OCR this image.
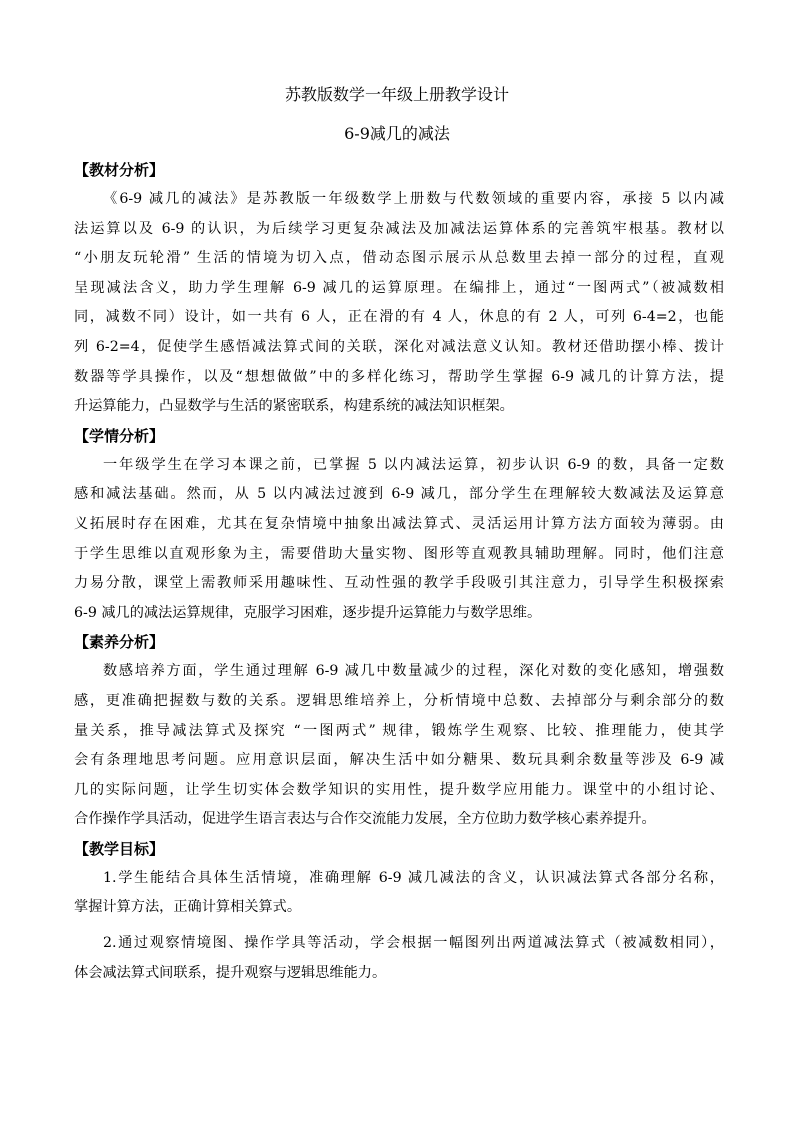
苏教版数学一年级上册教学设计
6-9减几的减法
【教材分析】

《6-9 减几的减法》是苏教版一年级数学上册数与代数领域的重要内容，承接 5 以内减
法运算以及 6-9 的认识，为后续学习更复杂减法及加减法运算体系的完善筑牢根基。教材以
“小朋友玩轮滑” 生活的情境为切入点，借动态图示展示从总数里去掉一部分的过程，直观
呈现减法含义，助力学生理解 6-9 减几的运算原理。在编排上，通过“一图两式”（被减数相
同，减数不同）设计，如一共有 6 人，正在滑的有 4 人，休息的有 2 人，可列 6-4=2，也能
列 6-2=4，促使学生感悟减法算式间的关联，深化对减法意义认知。教材还借助摆小棒、拨计
数器等学具操作，以及“想想做做”中的多样化练习，帮助学生掌握 6-9 减几的计算方法，提
升运算能力，凸显数学与生活的紧密联系，构建系统的减法知识框架。

【学情分析】

一年级学生在学习本课之前，已掌握 5 以内减法运算，初步认识 6-9 的数，具备一定数
感和减法基础。然而，从 5 以内减法过渡到 6-9 减几，部分学生在理解较大数减法及运算意
义拓展时存在困难，尤其在复杂情境中抽象出减法算式、灵活运用计算方法方面较为薄弱。由
于学生思维以直观形象为主，需要借助大量实物、图形等直观教具辅助理解。同时，他们注意
力易分散，课堂上需教师采用趣味性、互动性强的教学手段吸引其注意力，引导学生积极探索
6-9 减几的减法运算规律，克服学习困难，逐步提升运算能力与数学思维。

【素养分析】

数感培养方面，学生通过理解 6-9 减几中数量减少的过程，深化对数的变化感知，增强数
感，更准确把握数与数的关系。逻辑思维培养上，分析情境中总数、去掉部分与剩余部分的数
量关系，推导减法算式及探究 “一图两式” 规律，锻炼学生观察、比较、推理能力，使其学
会有条理地思考问题。应用意识层面，解决生活中如分糖果、数玩具剩余数量等涉及 6-9 减
几的实际问题，让学生切实体会数学知识的实用性，提升数学应用能力。课堂中的小组讨论、
合作操作学具活动，促进学生语言表达与合作交流能力发展，全方位助力数学核心素养提升。

【教学目标】

1.学生能结合具体生活情境，准确理解 6-9 减几减法的含义，认识减法算式各部分名称，
掌握计算方法，正确计算相关算式。

2.通过观察情境图、操作学具等活动，学会根据一幅图列出两道减法算式（被减数相同），
体会减法算式间联系，提升观察与逻辑思维能力。
